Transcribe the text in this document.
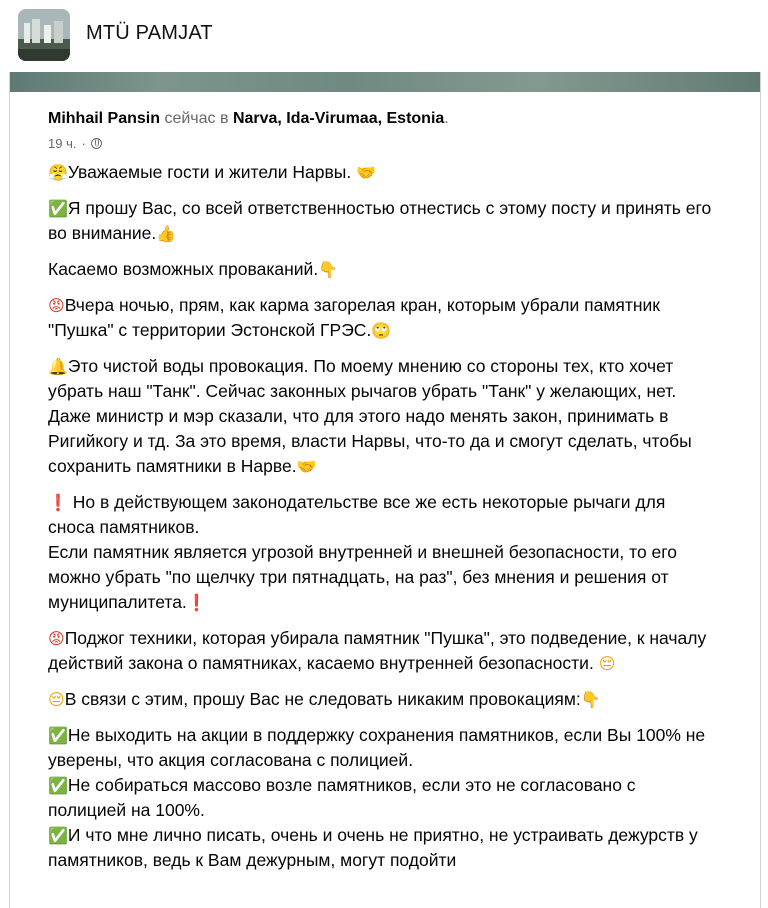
MTÜ PAMJAT
Mihhail Pansin сейчас в Narva, Ida-Virumaa, Estonia.
19 ч. ·

😤Уважаемые гости и жители Нарвы. 🤝

✅Я прошу Вас, со всей ответственностью отнестись с этому посту и принять его во внимание.👍

Касаемо возможных проваканий.👇

😡Вчера ночью, прям, как карма загорелая кран, которым убрали памятник "Пушка" с территории Эстонской ГРЭС.🙄

🔔Это чистой воды провокация. По моему мнению со стороны тех, кто хочет убрать наш "Танк". Сейчас законных рычагов убрать "Танк" у желающих, нет. Даже министр и мэр сказали, что для этого надо менять закон, принимать в Ригийкогу и тд. За это время, власти Нарвы, что-то да и смогут сделать, чтобы сохранить памятники в Нарве.🤝

❗ Но в действующем законодательстве все же есть некоторые рычаги для сноса памятников.

Если памятник является угрозой внутренней и внешней безопасности, то его можно убрать "по щелчку три пятнадцать, на раз", без мнения и решения от муниципалитета.❗

😡Поджог техники, которая убирала памятник "Пушка", это подведение, к началу действий закона о памятниках, касаемо внутренней безопасности. 😔

😔В связи с этим, прошу Вас не следовать никаким провокациям:👇

✅Не выходить на акции в поддержку сохранения памятников, если Вы 100% не уверены, что акция согласована с полицией.

✅Не собираться массово возле памятников, если это не согласовано с полицией на 100%.

✅И что мне лично писать, очень и очень не приятно, не устраивать дежурств у памятников, ведь к Вам дежурным, могут подойти
